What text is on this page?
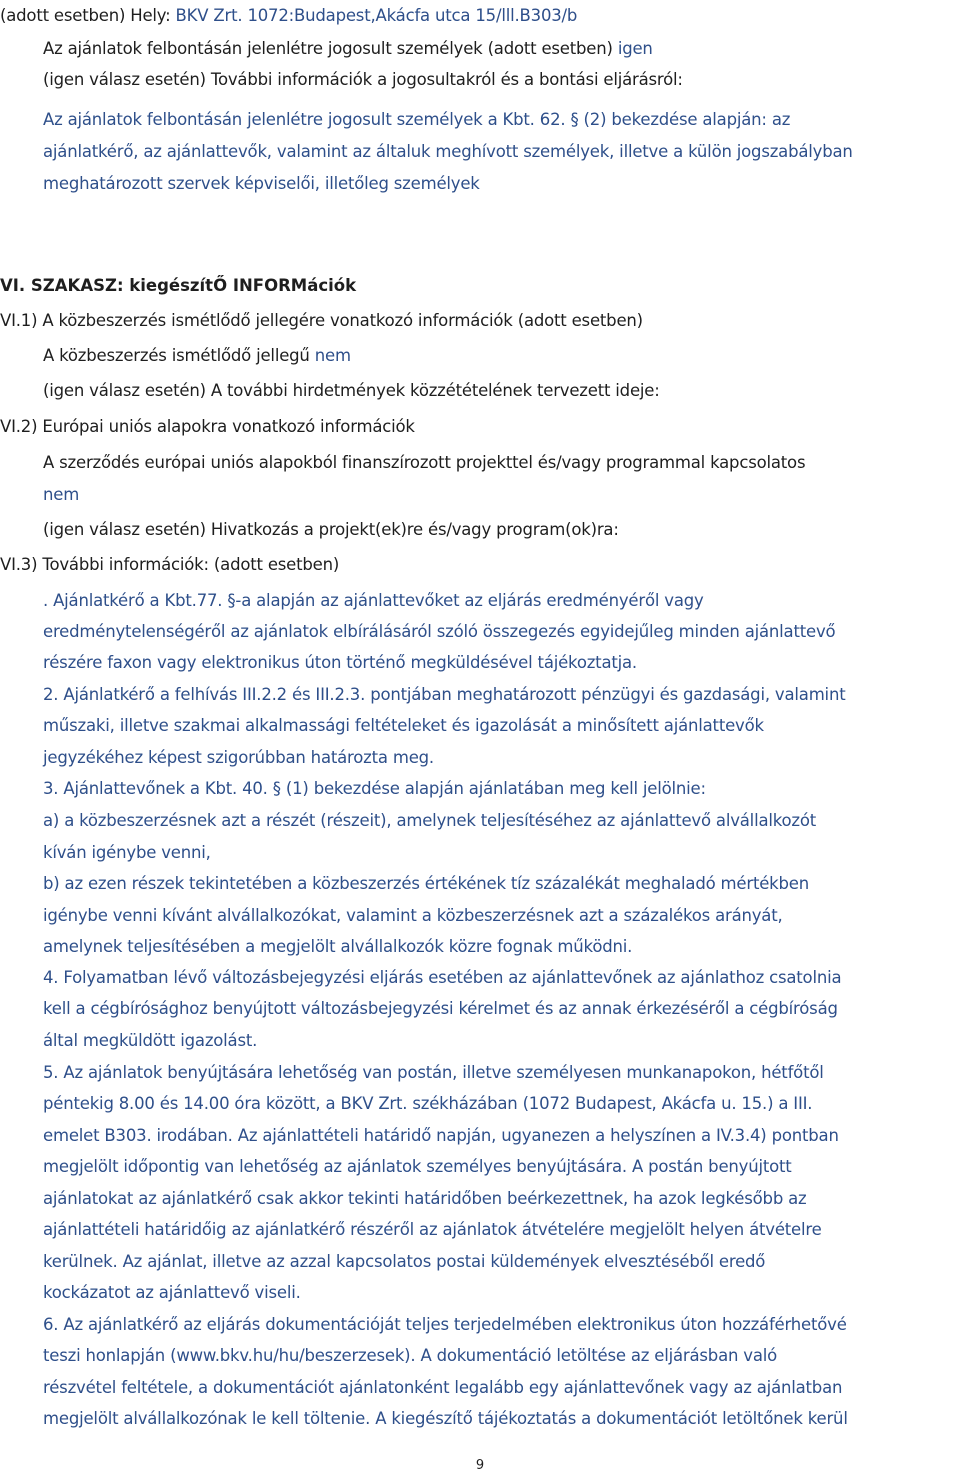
(adott esetben) Hely: BKV Zrt. 1072:Budapest,Akácfa utca 15/lll.B303/b
Az ajánlatok felbontásán jelenlétre jogosult személyek (adott esetben) igen
(igen válasz esetén) További információk a jogosultakról és a bontási eljárásról:
Az ajánlatok felbontásán jelenlétre jogosult személyek a Kbt. 62. § (2) bekezdése alapján: az
ajánlatkérő, az ajánlattevők, valamint az általuk meghívott személyek, illetve a külön jogszabályban
meghatározott szervek képviselői, illetőleg személyek
VI. SZAKASZ: kiegészítŐ INFORMációk
VI.1) A közbeszerzés ismétlődő jellegére vonatkozó információk (adott esetben)
A közbeszerzés ismétlődő jellegű nem
(igen válasz esetén) A további hirdetmények közzétételének tervezett ideje:
VI.2) Európai uniós alapokra vonatkozó információk
A szerződés európai uniós alapokból finanszírozott projekttel és/vagy programmal kapcsolatos
nem
(igen válasz esetén) Hivatkozás a projekt(ek)re és/vagy program(ok)ra:
VI.3) További információk: (adott esetben)
. Ajánlatkérő a Kbt.77. §-a alapján az ajánlattevőket az eljárás eredményéről vagy
eredménytelenségéről az ajánlatok elbírálásáról szóló összegezés egyidejűleg minden ajánlattevő
részére faxon vagy elektronikus úton történő megküldésével tájékoztatja.
2. Ajánlatkérő a felhívás III.2.2 és III.2.3. pontjában meghatározott pénzügyi és gazdasági, valamint
műszaki, illetve szakmai alkalmassági feltételeket és igazolását a minősített ajánlattevők
jegyzékéhez képest szigorúbban határozta meg.
3. Ajánlattevőnek a Kbt. 40. § (1) bekezdése alapján ajánlatában meg kell jelölnie:
a) a közbeszerzésnek azt a részét (részeit), amelynek teljesítéséhez az ajánlattevő alvállalkozót
kíván igénybe venni,
b) az ezen részek tekintetében a közbeszerzés értékének tíz százalékát meghaladó mértékben
igénybe venni kívánt alvállalkozókat, valamint a közbeszerzésnek azt a százalékos arányát,
amelynek teljesítésében a megjelölt alvállalkozók közre fognak működni.
4. Folyamatban lévő változásbejegyzési eljárás esetében az ajánlattevőnek az ajánlathoz csatolnia
kell a cégbírósághoz benyújtott változásbejegyzési kérelmet és az annak érkezéséről a cégbíróság
által megküldött igazolást.
5. Az ajánlatok benyújtására lehetőség van postán, illetve személyesen munkanapokon, hétfőtől
péntekig 8.00 és 14.00 óra között, a BKV Zrt. székházában (1072 Budapest, Akácfa u. 15.) a III.
emelet B303. irodában. Az ajánlattételi határidő napján, ugyanezen a helyszínen a IV.3.4) pontban
megjelölt időpontig van lehetőség az ajánlatok személyes benyújtására. A postán benyújtott
ajánlatokat az ajánlatkérő csak akkor tekinti határidőben beérkezettnek, ha azok legkésőbb az
ajánlattételi határidőig az ajánlatkérő részéről az ajánlatok átvételére megjelölt helyen átvételre
kerülnek. Az ajánlat, illetve az azzal kapcsolatos postai küldemények elvesztéséből eredő
kockázatot az ajánlattevő viseli.
6. Az ajánlatkérő az eljárás dokumentációját teljes terjedelmében elektronikus úton hozzáférhetővé
teszi honlapján (www.bkv.hu/hu/beszerzesek). A dokumentáció letöltése az eljárásban való
részvétel feltétele, a dokumentációt ajánlatonként legalább egy ajánlattevőnek vagy az ajánlatban
megjelölt alvállalkozónak le kell töltenie. A kiegészítő tájékoztatás a dokumentációt letöltőnek kerül
9
